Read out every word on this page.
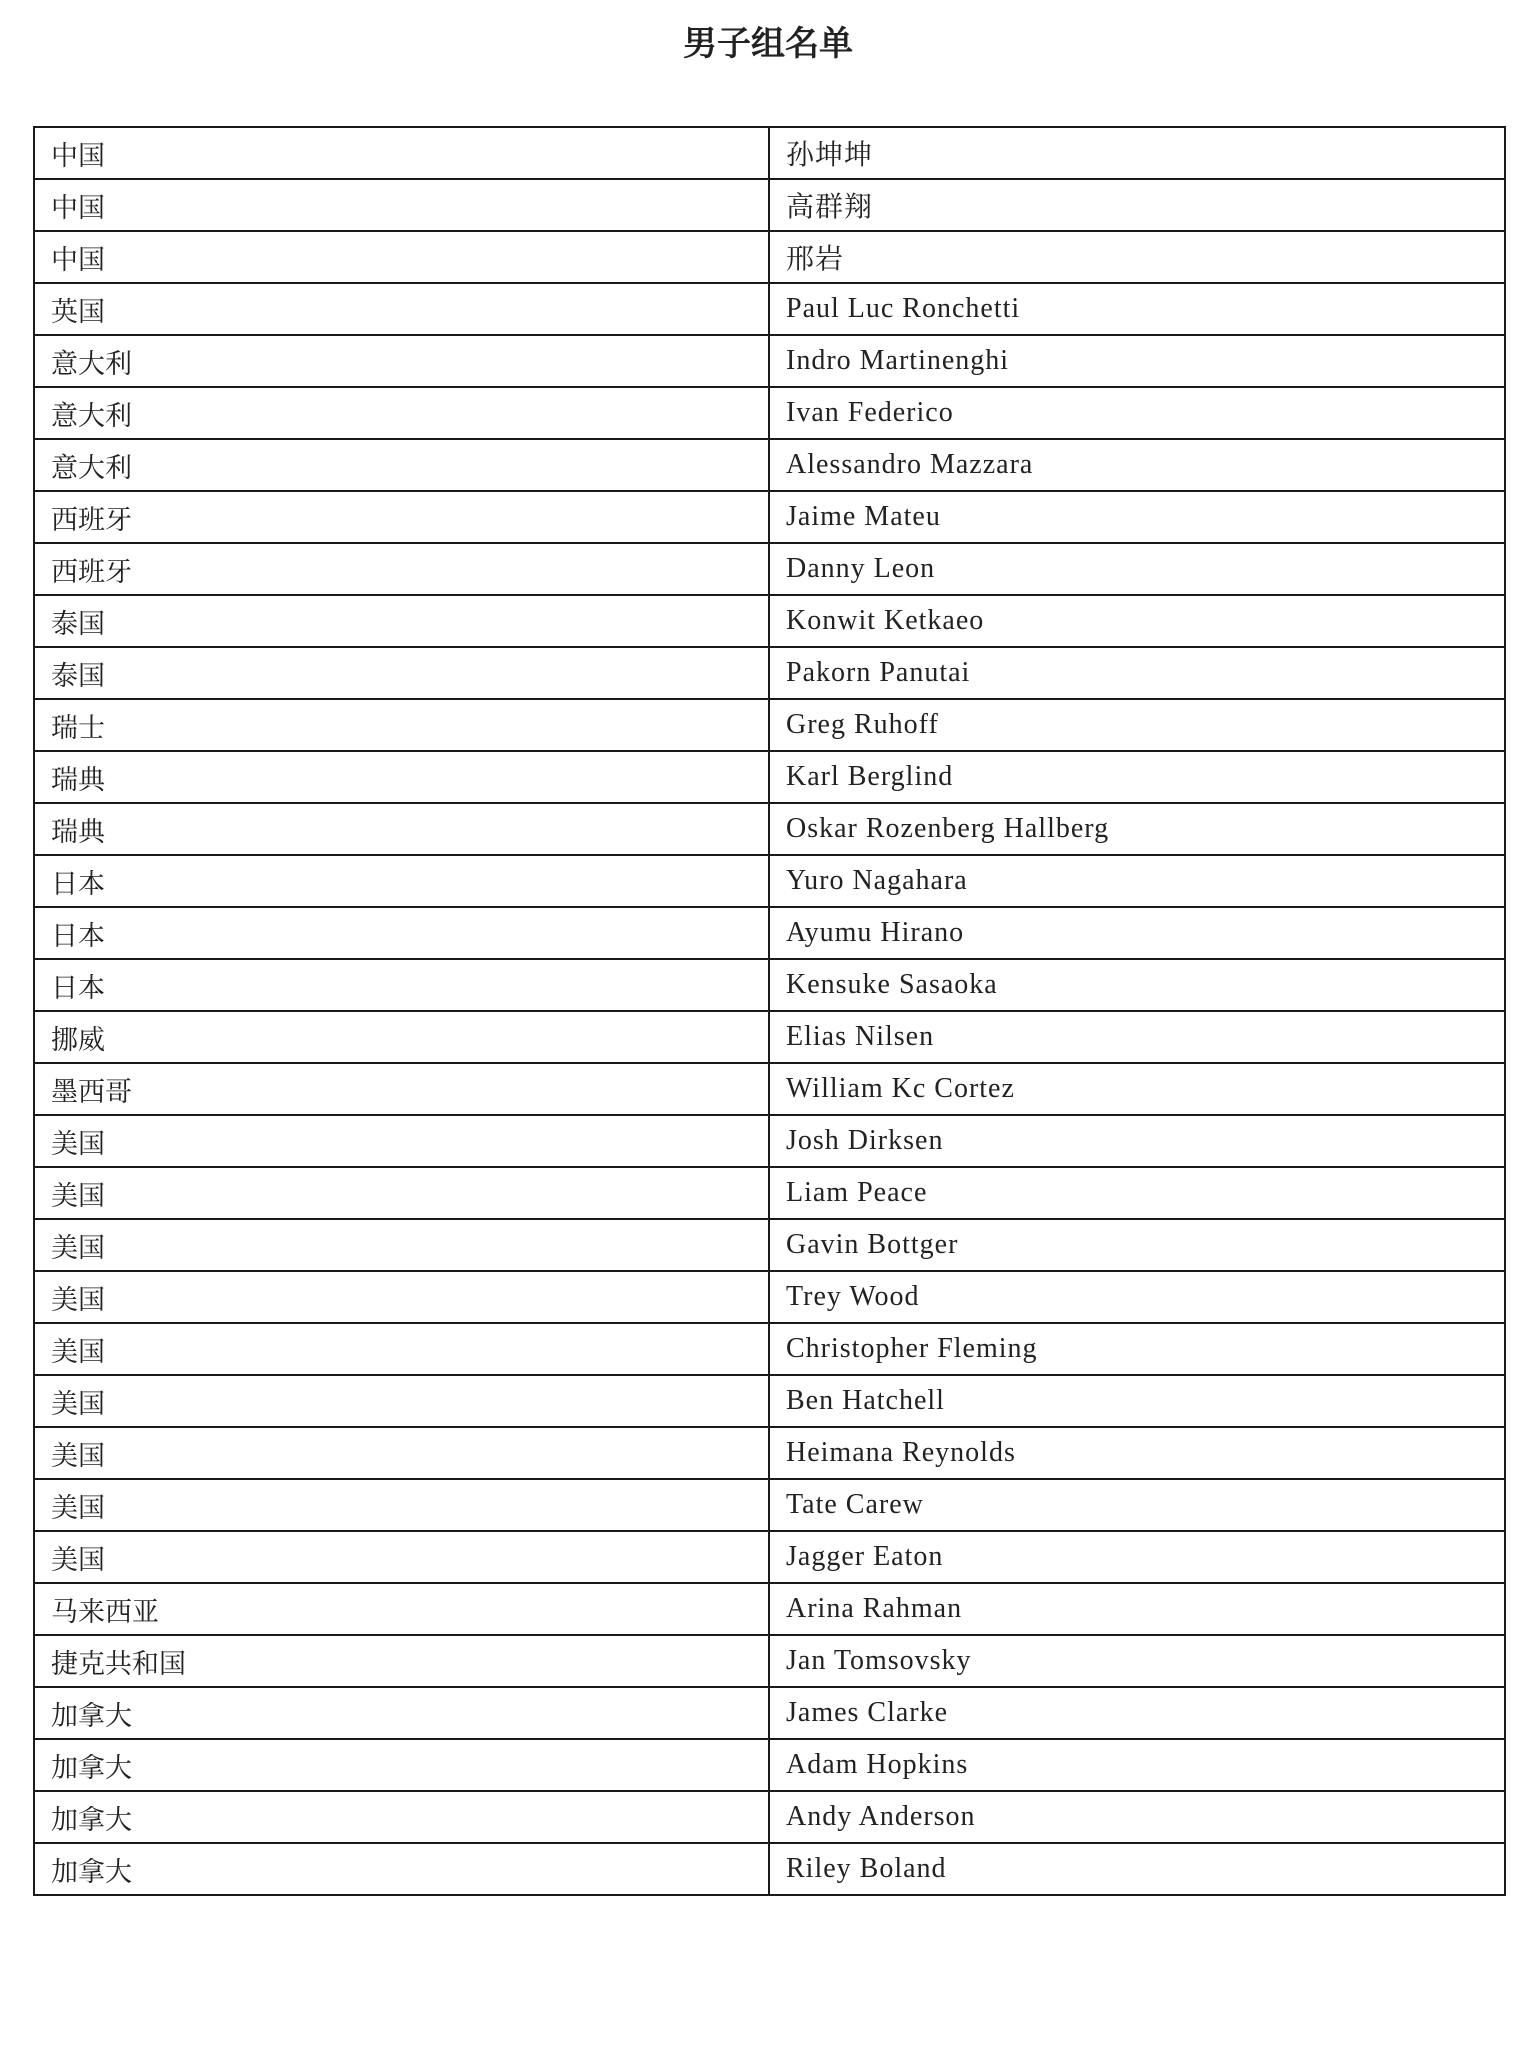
男子组名单
中国	孙坤坤
中国	高群翔
中国	邢岩
英国	Paul Luc Ronchetti
意大利	Indro Martinenghi
意大利	Ivan Federico
意大利	Alessandro Mazzara
西班牙	Jaime Mateu
西班牙	Danny Leon
泰国	Konwit Ketkaeo
泰国	Pakorn Panutai
瑞士	Greg Ruhoff
瑞典	Karl Berglind
瑞典	Oskar Rozenberg Hallberg
日本	Yuro Nagahara
日本	Ayumu Hirano
日本	Kensuke Sasaoka
挪威	Elias Nilsen
墨西哥	William Kc Cortez
美国	Josh Dirksen
美国	Liam Peace
美国	Gavin Bottger
美国	Trey Wood
美国	Christopher Fleming
美国	Ben Hatchell
美国	Heimana Reynolds
美国	Tate Carew
美国	Jagger Eaton
马来西亚	Arina Rahman
捷克共和国	Jan Tomsovsky
加拿大	James Clarke
加拿大	Adam Hopkins
加拿大	Andy Anderson
加拿大	Riley Boland
